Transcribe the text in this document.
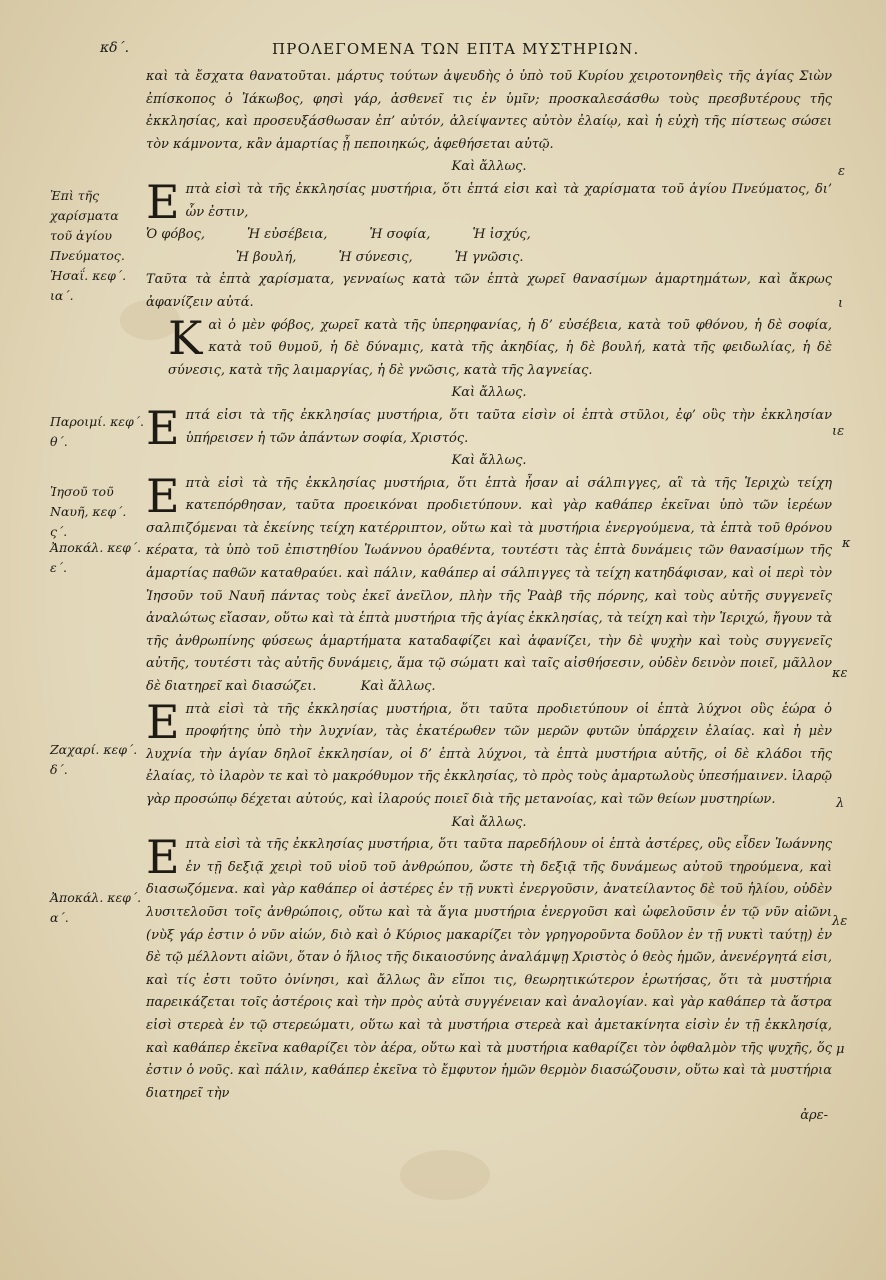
κδ΄.	ΠΡΟΛΕΓΟΜΕΝΑ ΤΩΝ ΕΠΤΑ ΜΥΣΤΗΡΙΩΝ.
Ἐπὶ τῆς χαρίσματα τοῦ ἁγίου Πνεύματος. Ἡσαΐ. κεφ΄. ια΄.
Παροιμί. κεφ΄. θ΄.
Ἰησοῦ τοῦ Ναυῆ, κεφ΄. ς΄.
Ἀποκάλ. κεφ΄. ε΄.
Ζαχαρί. κεφ΄. δ΄.
Ἀποκάλ. κεφ΄. α΄.
ε
ιε
ι
κ
κε
λ
λε
μ

καὶ τὰ ἔσχατα θανατοῦται. μάρτυς τούτων ἀψευδὴς ὁ ὑπὸ τοῦ Κυρίου χειροτονηθεὶς τῆς ἁγίας Σιὼν ἐπίσκοπος ὁ Ἰάκωβος, φησὶ γάρ, ἀσθενεῖ τις ἐν ὑμῖν; προσκαλεσάσθω τοὺς πρεσβυτέρους τῆς ἐκκλησίας, καὶ προσευξάσθωσαν ἐπ’ αὐτόν, ἀλείψαντες αὐτὸν ἐλαίῳ, καὶ ἡ εὐχὴ τῆς πίστεως σώσει τὸν κάμνοντα, κἂν ἁμαρτίας ᾖ πεποιηκώς, ἀφεθήσεται αὐτῷ.

Καὶ ἄλλως.

Ε πτὰ εἰσὶ τὰ τῆς ἐκκλησίας μυστήρια, ὅτι ἑπτά εἰσι καὶ τὰ χαρίσματα τοῦ ἁγίου Πνεύματος, δι’ ὧν ἐστιν,
Ὁ φόβος,	Ἡ εὐσέβεια,	Ἡ σοφία,	Ἡ ἰσχύς,
Ἡ βουλή,	Ἡ σύνεσις,	Ἡ γνῶσις.

Ταῦτα τὰ ἑπτὰ χαρίσματα, γενναίως κατὰ τῶν ἑπτὰ χωρεῖ θανασίμων ἁμαρτημάτων, καὶ ἄκρως ἀφανίζειν αὐτά.

Κ αὶ ὁ μὲν φόβος, χωρεῖ κατὰ τῆς ὑπερηφανίας, ἡ δ’ εὐσέβεια, κατὰ τοῦ φθόνου, ἡ δὲ σοφία, κατὰ τοῦ θυμοῦ, ἡ δὲ δύναμις, κατὰ τῆς ἀκηδίας, ἡ δὲ βουλή, κατὰ τῆς φειδωλίας, ἡ δὲ σύνεσις, κατὰ τῆς λαιμαργίας, ἡ δὲ γνῶσις, κατὰ τῆς λαγνείας.

Καὶ ἄλλως.

Ε πτά εἰσι τὰ τῆς ἐκκλησίας μυστήρια, ὅτι ταῦτα εἰσὶν οἱ ἑπτὰ στῦλοι, ἐφ’ οὓς τὴν ἐκκλησίαν ὑπήρεισεν ἡ τῶν ἁπάντων σοφία, Χριστός.

Καὶ ἄλλως.

Ε πτὰ εἰσὶ τὰ τῆς ἐκκλησίας μυστήρια, ὅτι ἑπτὰ ἦσαν αἱ σάλπιγγες, αἳ τὰ τῆς Ἱεριχὼ τείχη κατεπόρθησαν, ταῦτα προεικόναι προδιετύπουν. καὶ γὰρ καθάπερ ἐκεῖναι ὑπὸ τῶν ἱερέων σαλπιζόμεναι τὰ ἐκείνης τείχη κατέρριπτον, οὕτω καὶ τὰ μυστήρια ἐνεργούμενα, τὰ ἑπτὰ τοῦ θρόνου κέρατα, τὰ ὑπὸ τοῦ ἐπιστηθίου Ἰωάννου ὁραθέντα, τουτέστι τὰς ἑπτὰ δυνάμεις τῶν θανασίμων τῆς ἁμαρτίας παθῶν καταθραύει. καὶ πάλιν, καθάπερ αἱ σάλπιγγες τὰ τείχη κατηδάφισαν, καὶ οἱ περὶ τὸν Ἰησοῦν τοῦ Ναυῆ πάντας τοὺς ἐκεῖ ἀνεῖλον, πλὴν τῆς Ῥαὰβ τῆς πόρνης, καὶ τοὺς αὐτῆς συγγενεῖς ἀναλώτως εἴασαν, οὕτω καὶ τὰ ἑπτὰ μυστήρια τῆς ἁγίας ἐκκλησίας, τὰ τείχη καὶ τὴν Ἱεριχώ, ἤγουν τὰ τῆς ἀνθρωπίνης φύσεως ἁμαρτήματα καταδαφίζει καὶ ἀφανίζει, τὴν δὲ ψυχὴν καὶ τοὺς συγγενεῖς αὐτῆς, τουτέστι τὰς αὐτῆς δυνάμεις, ἅμα τῷ σώματι καὶ ταῖς αἰσθήσεσιν, οὐδὲν δεινὸν ποιεῖ, μᾶλλον δὲ διατηρεῖ καὶ διασώζει.	Καὶ ἄλλως.

Ε πτὰ εἰσὶ τὰ τῆς ἐκκλησίας μυστήρια, ὅτι ταῦτα προδιετύπουν οἱ ἑπτὰ λύχνοι οὓς ἑώρα ὁ προφήτης ὑπὸ τὴν λυχνίαν, τὰς ἑκατέρωθεν τῶν μερῶν φυτῶν ὑπάρχειν ἐλαίας. καὶ ἡ μὲν λυχνία τὴν ἁγίαν δηλοῖ ἐκκλησίαν, οἱ δ’ ἑπτὰ λύχνοι, τὰ ἑπτὰ μυστήρια αὐτῆς, οἱ δὲ κλάδοι τῆς ἐλαίας, τὸ ἱλαρὸν τε καὶ τὸ μακρόθυμον τῆς ἐκκλησίας, τὸ πρὸς τοὺς ἁμαρτωλοὺς ὑπεσήμαινεν. ἱλαρῷ γὰρ προσώπῳ δέχεται αὐτούς, καὶ ἱλαρούς ποιεῖ διὰ τῆς μετανοίας, καὶ τῶν θείων μυστηρίων.

Καὶ ἄλλως.

Ε πτὰ εἰσὶ τὰ τῆς ἐκκλησίας μυστήρια, ὅτι ταῦτα παρεδήλουν οἱ ἑπτὰ ἀστέρες, οὓς εἶδεν Ἰωάννης ἐν τῇ δεξιᾷ χειρὶ τοῦ υἱοῦ τοῦ ἀνθρώπου, ὥστε τὴ δεξιᾷ τῆς δυνάμεως αὐτοῦ τηρούμενα, καὶ διασωζόμενα. καὶ γὰρ καθάπερ οἱ ἀστέρες ἐν τῇ νυκτὶ ἐνεργοῦσιν, ἀνατείλαντος δὲ τοῦ ἡλίου, οὐδὲν λυσιτελοῦσι τοῖς ἀνθρώποις, οὕτω καὶ τὰ ἅγια μυστήρια ἐνεργοῦσι καὶ ὠφελοῦσιν ἐν τῷ νῦν αἰῶνι (νὺξ γάρ ἐστιν ὁ νῦν αἰών, διὸ καὶ ὁ Κύριος μακαρίζει τὸν γρηγοροῦντα δοῦλον ἐν τῇ νυκτὶ ταύτῃ) ἐν δὲ τῷ μέλλοντι αἰῶνι, ὅταν ὁ ἥλιος τῆς δικαιοσύνης ἀναλάμψῃ Χριστὸς ὁ θεὸς ἡμῶν, ἀνενέργητά εἰσι, καὶ τίς ἐστι τοῦτο ὀνίνησι, καὶ ἄλλως ἂν εἴποι τις, θεωρητικώτερον ἐρωτήσας, ὅτι τὰ μυστήρια παρεικάζεται τοῖς ἀστέροις καὶ τὴν πρὸς αὐτὰ συγγένειαν καὶ ἀναλογίαν. καὶ γὰρ καθάπερ τὰ ἄστρα εἰσὶ στερεὰ ἐν τῷ στερεώματι, οὕτω καὶ τὰ μυστήρια στερεὰ καὶ ἀμετακίνητα εἰσὶν ἐν τῇ ἐκκλησίᾳ, καὶ καθάπερ ἐκεῖνα καθαρίζει τὸν ἀέρα, οὕτω καὶ τὰ μυστήρια καθαρίζει τὸν ὀφθαλμὸν τῆς ψυχῆς, ὅς ἐστιν ὁ νοῦς. καὶ πάλιν, καθάπερ ἐκεῖνα τὸ ἔμφυτον ἡμῶν θερμὸν διασώζουσιν, οὕτω καὶ τὰ μυστήρια διατηρεῖ τὴν

ἀρε-
